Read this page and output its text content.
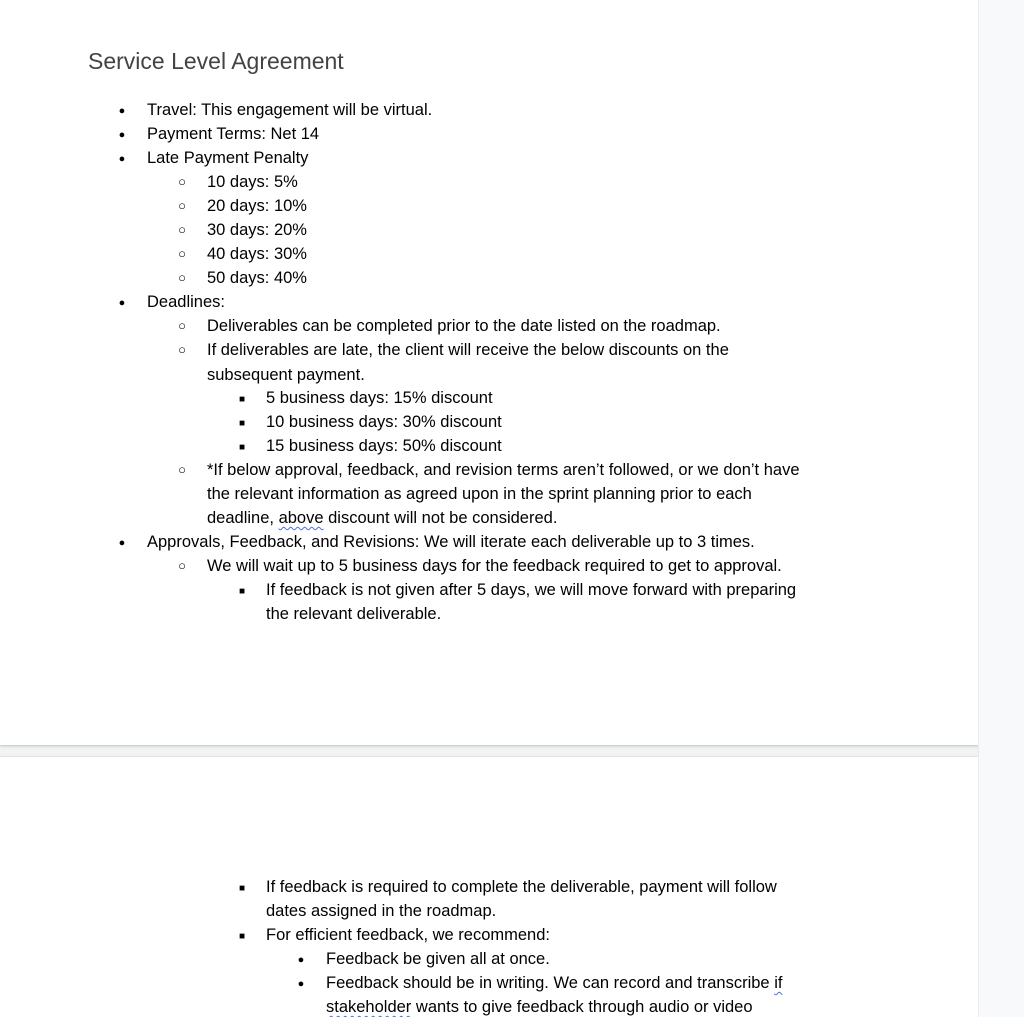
Service Level Agreement
●
Travel: This engagement will be virtual.
●
Payment Terms: Net 14
●
Late Payment Penalty
○
10 days: 5%
○
20 days: 10%
○
30 days: 20%
○
40 days: 30%
○
50 days: 40%
●
Deadlines:
○
Deliverables can be completed prior to the date listed on the roadmap.
○
If deliverables are late, the client will receive the below discounts on the
subsequent payment.
■
5 business days: 15% discount
■
10 business days: 30% discount
■
15 business days: 50% discount
○
*If below approval, feedback, and revision terms aren’t followed, or we don’t have
the relevant information as agreed upon in the sprint planning prior to each
deadline, above discount will not be considered.
●
Approvals, Feedback, and Revisions: We will iterate each deliverable up to 3 times.
○
We will wait up to 5 business days for the feedback required to get to approval.
■
If feedback is not given after 5 days, we will move forward with preparing
the relevant deliverable.
■
If feedback is required to complete the deliverable, payment will follow
dates assigned in the roadmap.
■
For efficient feedback, we recommend:
●
Feedback be given all at once.
●
Feedback should be in writing. We can record and transcribe if
stakeholder wants to give feedback through audio or video
